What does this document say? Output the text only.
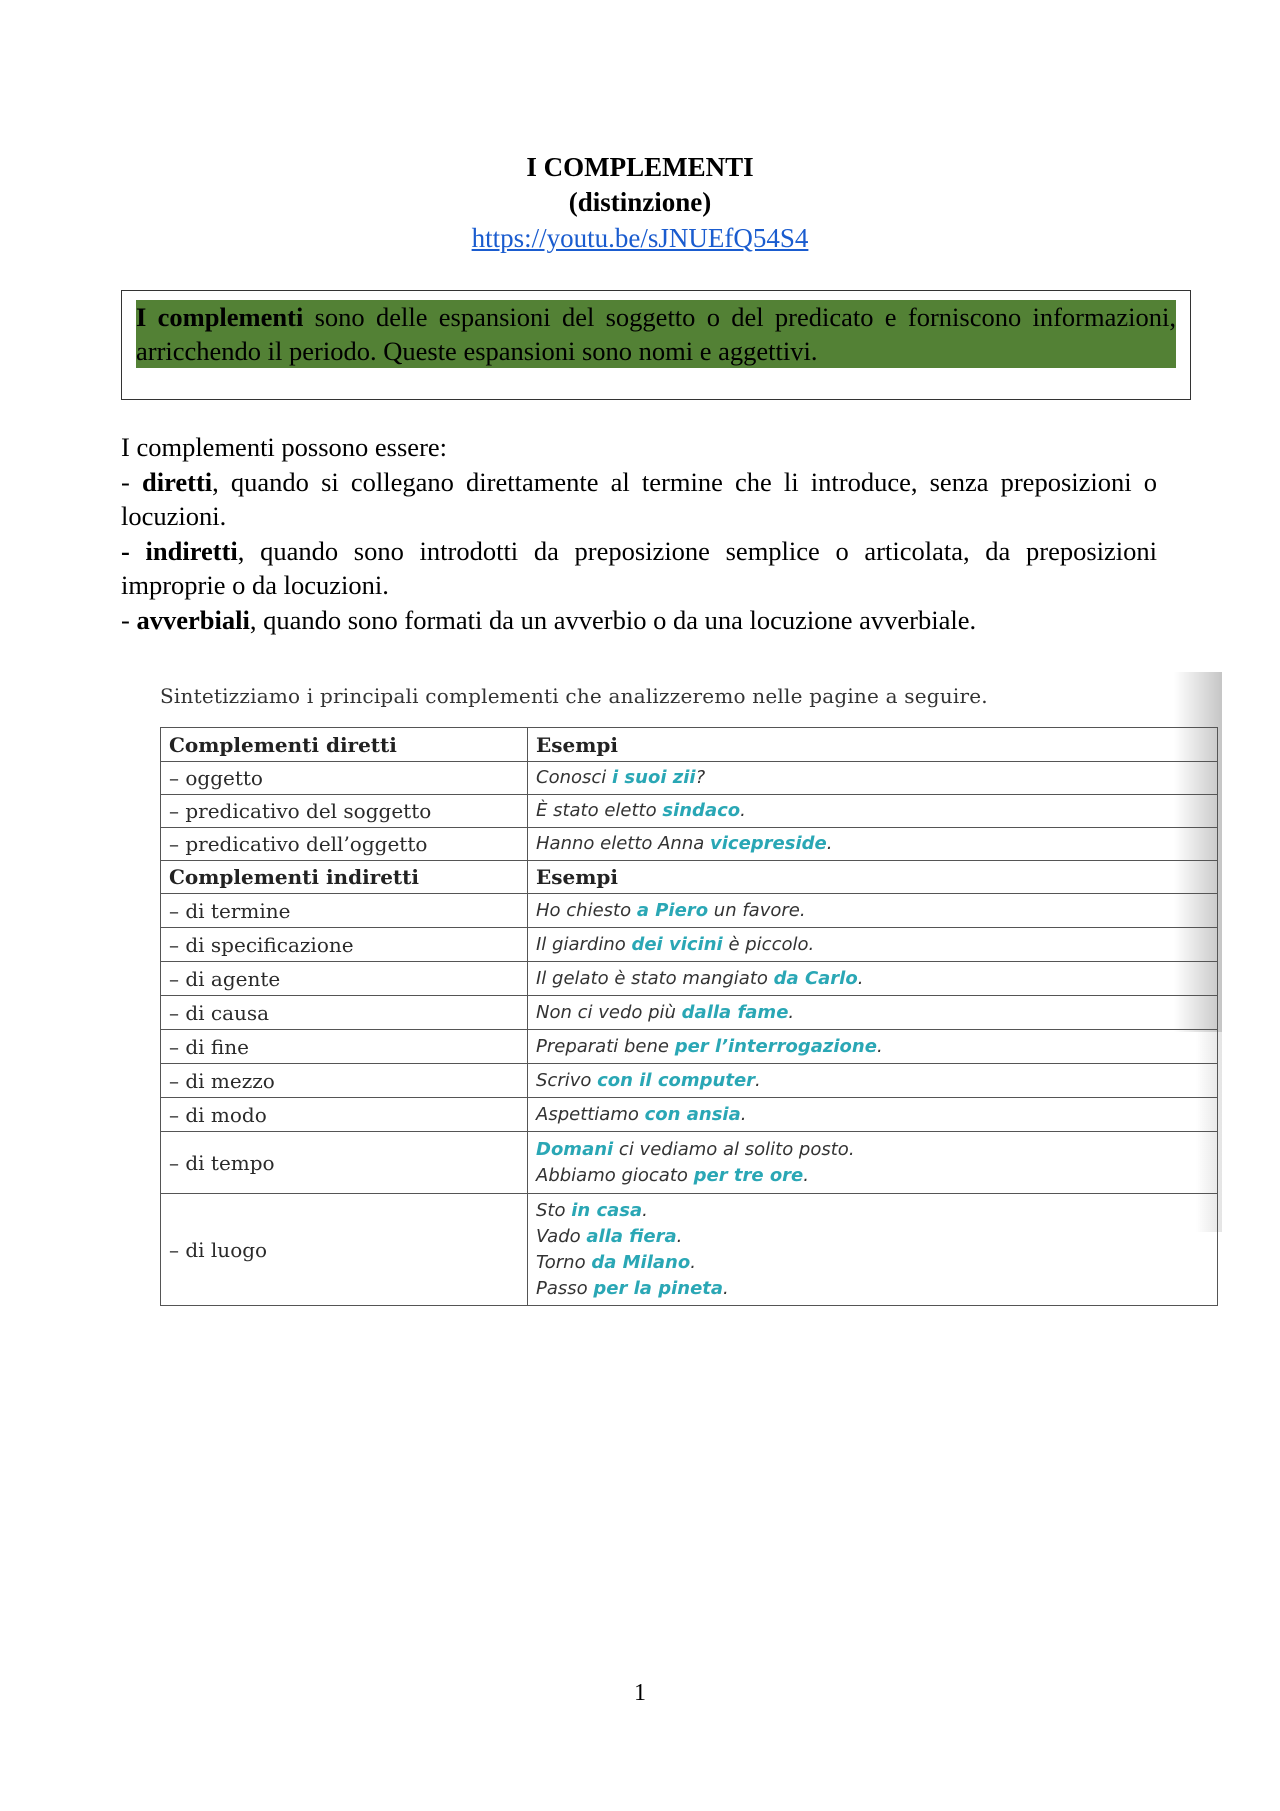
I COMPLEMENTI
(distinzione)
https://youtu.be/sJNUEfQ54S4
I complementi sono delle espansioni del soggetto o del predicato e forniscono informazioni, arricchendo il periodo. Queste espansioni sono nomi e aggettivi.

I complementi possono essere:

- diretti, quando si collegano direttamente al termine che li introduce, senza preposizioni o locuzioni.

- indiretti, quando sono introdotti da preposizione semplice o articolata, da preposizioni improprie o da locuzioni.

- avverbiali, quando sono formati da un avverbio o da una locuzione avverbiale.

Sintetizziamo i principali complementi che analizzeremo nelle pagine a seguire.
Complementi diretti	Esempi
– oggetto	Conosci i suoi zii?
– predicativo del soggetto	È stato eletto sindaco.
– predicativo dell’oggetto	Hanno eletto Anna vicepreside.
Complementi indiretti	Esempi
– di termine	Ho chiesto a Piero un favore.
– di specificazione	Il giardino dei vicini è piccolo.
– di agente	Il gelato è stato mangiato da Carlo.
– di causa	Non ci vedo più dalla fame.
– di fine	Preparati bene per l’interrogazione.
– di mezzo	Scrivo con il computer.
– di modo	Aspettiamo con ansia.
– di tempo	Domani ci vediamo al solito posto.
Abbiamo giocato per tre ore.
– di luogo	Sto in casa.
Vado alla fiera.
Torno da Milano.
Passo per la pineta.
1
